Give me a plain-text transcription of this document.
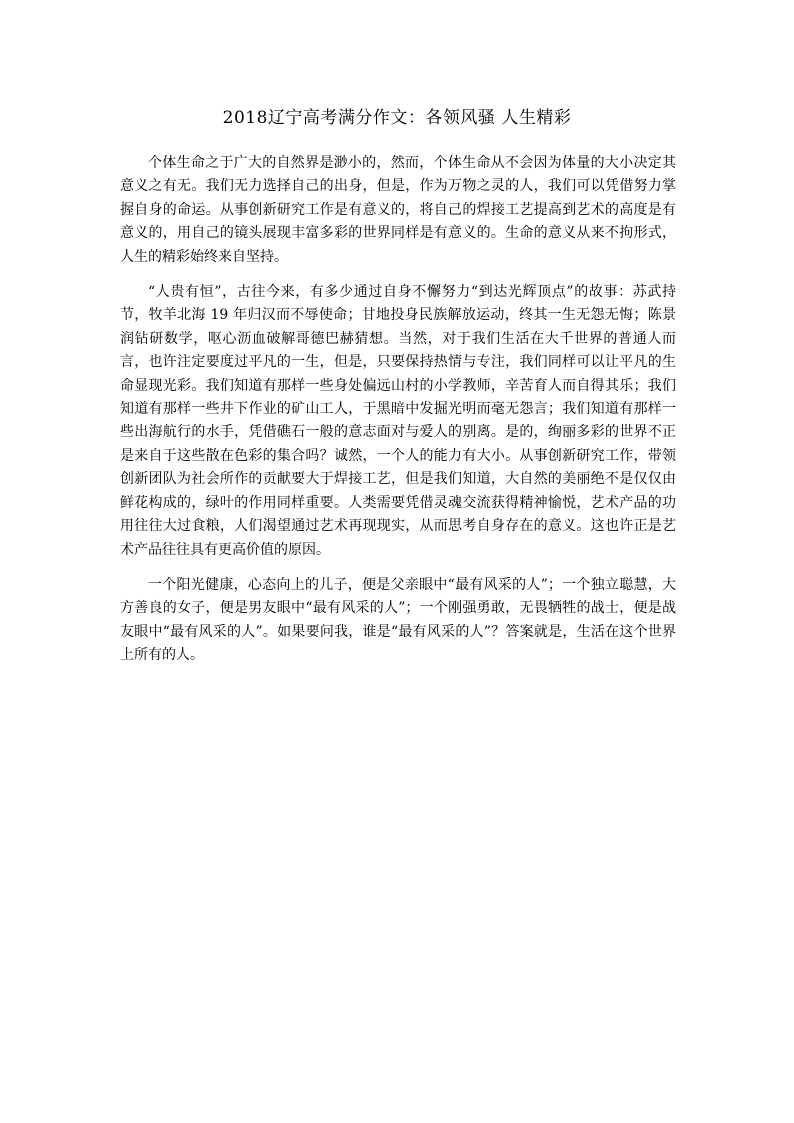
2018辽宁高考满分作文：各领风骚 人生精彩

个体生命之于广大的自然界是渺小的，然而，个体生命从不会因为体量的大小决定其意义之有无。我们无力选择自己的出身，但是，作为万物之灵的人，我们可以凭借努力掌握自身的命运。从事创新研究工作是有意义的，将自己的焊接工艺提高到艺术的高度是有意义的，用自己的镜头展现丰富多彩的世界同样是有意义的。生命的意义从来不拘形式，人生的精彩始终来自坚持。

“人贵有恒”，古往今来，有多少通过自身不懈努力“到达光辉顶点”的故事：苏武持节，牧羊北海 19 年归汉而不辱使命；甘地投身民族解放运动，终其一生无怨无悔；陈景润钻研数学，呕心沥血破解哥德巴赫猜想。当然，对于我们生活在大千世界的普通人而言，也许注定要度过平凡的一生，但是，只要保持热情与专注，我们同样可以让平凡的生命显现光彩。我们知道有那样一些身处偏远山村的小学教师，辛苦育人而自得其乐；我们知道有那样一些井下作业的矿山工人，于黑暗中发掘光明而毫无怨言；我们知道有那样一些出海航行的水手，凭借礁石一般的意志面对与爱人的别离。是的，绚丽多彩的世界不正是来自于这些散在色彩的集合吗？诚然，一个人的能力有大小。从事创新研究工作，带领创新团队为社会所作的贡献要大于焊接工艺，但是我们知道，大自然的美丽绝不是仅仅由鲜花构成的，绿叶的作用同样重要。人类需要凭借灵魂交流获得精神愉悦，艺术产品的功用往往大过食粮，人们渴望通过艺术再现现实，从而思考自身存在的意义。这也许正是艺术产品往往具有更高价值的原因。

一个阳光健康，心态向上的儿子，便是父亲眼中“最有风采的人”；一个独立聪慧，大方善良的女子，便是男友眼中“最有风采的人”；一个刚强勇敢，无畏牺牲的战士，便是战友眼中“最有风采的人”。如果要问我，谁是“最有风采的人”？答案就是，生活在这个世界上所有的人。
